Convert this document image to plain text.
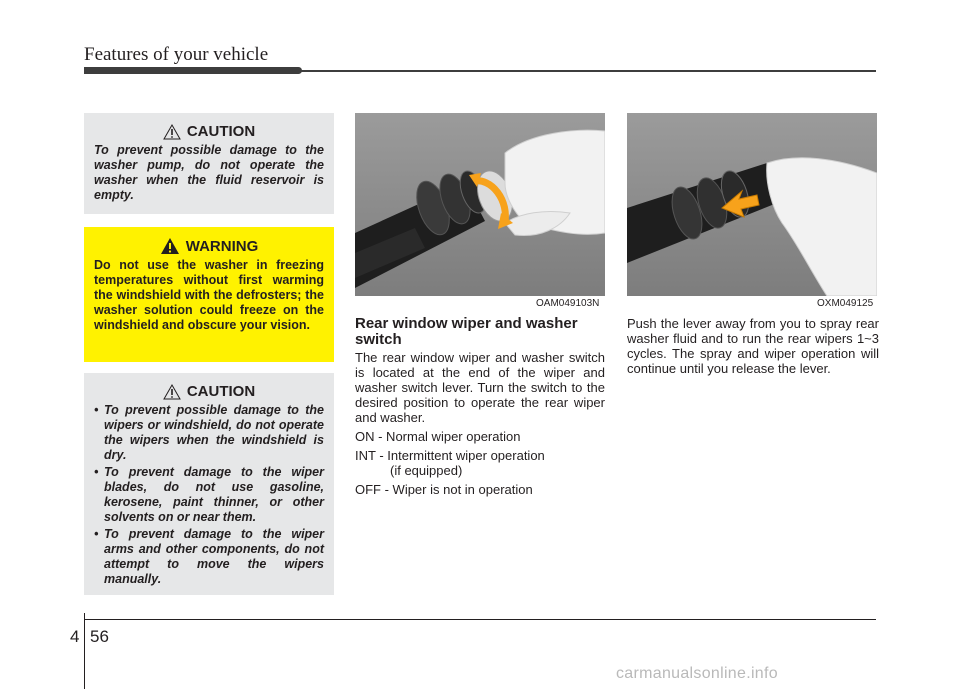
Features of your vehicle
CAUTION
To prevent possible damage to the washer pump, do not operate the washer when the fluid reservoir is empty.
WARNING
Do not use the washer in freezing temperatures without first warming the windshield with the defrosters; the washer solution could freeze on the windshield and obscure your vision.
CAUTION
• To prevent possible damage to the wipers or windshield, do not operate the wipers when the windshield is dry.
• To prevent damage to the wiper blades, do not use gasoline, kerosene, paint thinner, or other solvents on or near them.
• To prevent damage to the wiper arms and other components, do not attempt to move the wipers manually.
OAM049103N	OXM049125
Rear window wiper and washer switch

The rear window wiper and washer switch is located at the end of the wiper and washer switch lever. Turn the switch to the desired position to operate the rear wiper and washer.

ON - Normal wiper operation

INT - Intermittent wiper operation

(if equipped)

OFF - Wiper is not in operation

Push the lever away from you to spray rear washer fluid and to run the rear wipers 1~3 cycles. The spray and wiper operation will continue until you release the lever.
4 56
carmanualsonline.info
